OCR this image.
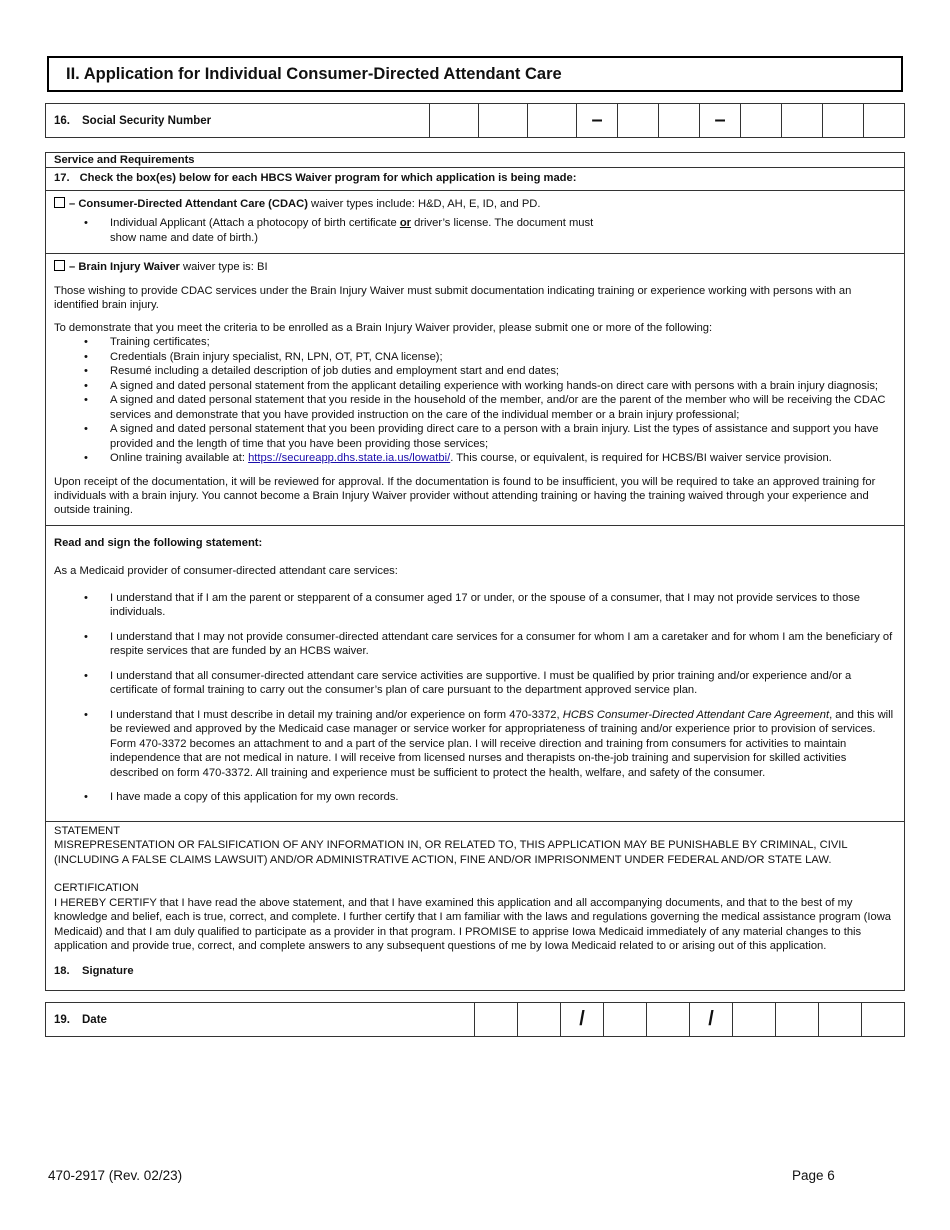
II. Application for Individual Consumer-Directed Attendant Care
16. Social Security Number				–			–				
Service and Requirements
17. Check the box(es) below for each HBCS Waiver program for which application is being made:

– Consumer-Directed Attendant Care (CDAC) waiver types include: H&D, AH, E, ID, and PD.

• Individual Applicant (Attach a photocopy of birth certificate or driver’s license. The document must show name and date of birth.)

– Brain Injury Waiver waiver type is: BI

Those wishing to provide CDAC services under the Brain Injury Waiver must submit documentation indicating training or experience working with persons with an identified brain injury.

To demonstrate that you meet the criteria to be enrolled as a Brain Injury Waiver provider, please submit one or more of the following:

• Training certificates;
• Credentials (Brain injury specialist, RN, LPN, OT, PT, CNA license);
• Resumé including a detailed description of job duties and employment start and end dates;
• A signed and dated personal statement from the applicant detailing experience with working hands-on direct care with persons with a brain injury diagnosis;
• A signed and dated personal statement that you reside in the household of the member, and/or are the parent of the member who will be receiving the CDAC services and demonstrate that you have provided instruction on the care of the individual member or a brain injury professional;
• A signed and dated personal statement that you been providing direct care to a person with a brain injury. List the types of assistance and support you have provided and the length of time that you have been providing those services;
• Online training available at: https://secureapp.dhs.state.ia.us/lowatbi/. This course, or equivalent, is required for HCBS/BI waiver service provision.

Upon receipt of the documentation, it will be reviewed for approval. If the documentation is found to be insufficient, you will be required to take an approved training for individuals with a brain injury. You cannot become a Brain Injury Waiver provider without attending training or having the training waived through your experience and outside training.

Read and sign the following statement:

As a Medicaid provider of consumer-directed attendant care services:

• I understand that if I am the parent or stepparent of a consumer aged 17 or under, or the spouse of a consumer, that I may not provide services to those individuals.
• I understand that I may not provide consumer-directed attendant care services for a consumer for whom I am a caretaker and for whom I am the beneficiary of respite services that are funded by an HCBS waiver.
• I understand that all consumer-directed attendant care service activities are supportive. I must be qualified by prior training and/or experience and/or a certificate of formal training to carry out the consumer’s plan of care pursuant to the department approved service plan.
• I understand that I must describe in detail my training and/or experience on form 470-3372, HCBS Consumer-Directed Attendant Care Agreement, and this will be reviewed and approved by the Medicaid case manager or service worker for appropriateness of training and/or experience prior to provision of services. Form 470-3372 becomes an attachment to and a part of the service plan. I will receive direction and training from consumers for activities to maintain independence that are not medical in nature. I will receive from licensed nurses and therapists on-the-job training and supervision for skilled activities described on form 470-3372. All training and experience must be sufficient to protect the health, welfare, and safety of the consumer.
• I have made a copy of this application for my own records.
STATEMENT
MISREPRESENTATION OR FALSIFICATION OF ANY INFORMATION IN, OR RELATED TO, THIS APPLICATION MAY BE PUNISHABLE BY CRIMINAL, CIVIL (INCLUDING A FALSE CLAIMS LAWSUIT) AND/OR ADMINISTRATIVE ACTION, FINE AND/OR IMPRISONMENT UNDER FEDERAL AND/OR STATE LAW.
CERTIFICATION
I HEREBY CERTIFY that I have read the above statement, and that I have examined this application and all accompanying documents, and that to the best of my knowledge and belief, each is true, correct, and complete. I further certify that I am familiar with the laws and regulations governing the medical assistance program (Iowa Medicaid) and that I am duly qualified to participate as a provider in that program. I PROMISE to apprise Iowa Medicaid immediately of any material changes to this application and provide true, correct, and complete answers to any subsequent questions of me by Iowa Medicaid related to or arising out of this application.
18. Signature
19. Date			/			/				
470-2917 (Rev. 02/23)	Page 6
